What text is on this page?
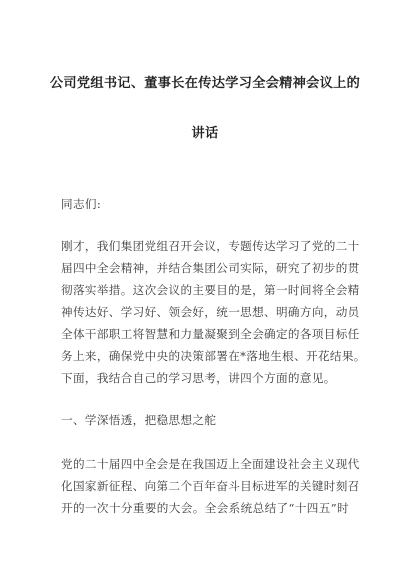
公司党组书记、董事长在传达学习全会精神会议上的
讲话
同志们:
刚才，我们集团党组召开会议，专题传达学习了党的二十
届四中全会精神，并结合集团公司实际，研究了初步的贯
彻落实举措。这次会议的主要目的是，第一时间将全会精
神传达好、学习好、领会好，统一思想、明确方向，动员
全体干部职工将智慧和力量凝聚到全会确定的各项目标任
务上来，确保党中央的决策部署在*落地生根、开花结果。
下面，我结合自己的学习思考，讲四个方面的意见。
一、学深悟透，把稳思想之舵
党的二十届四中全会是在我国迈上全面建设社会主义现代
化国家新征程、向第二个百年奋斗目标进军的关键时刻召
开的一次十分重要的大会。全会系统总结了“十四五”时
